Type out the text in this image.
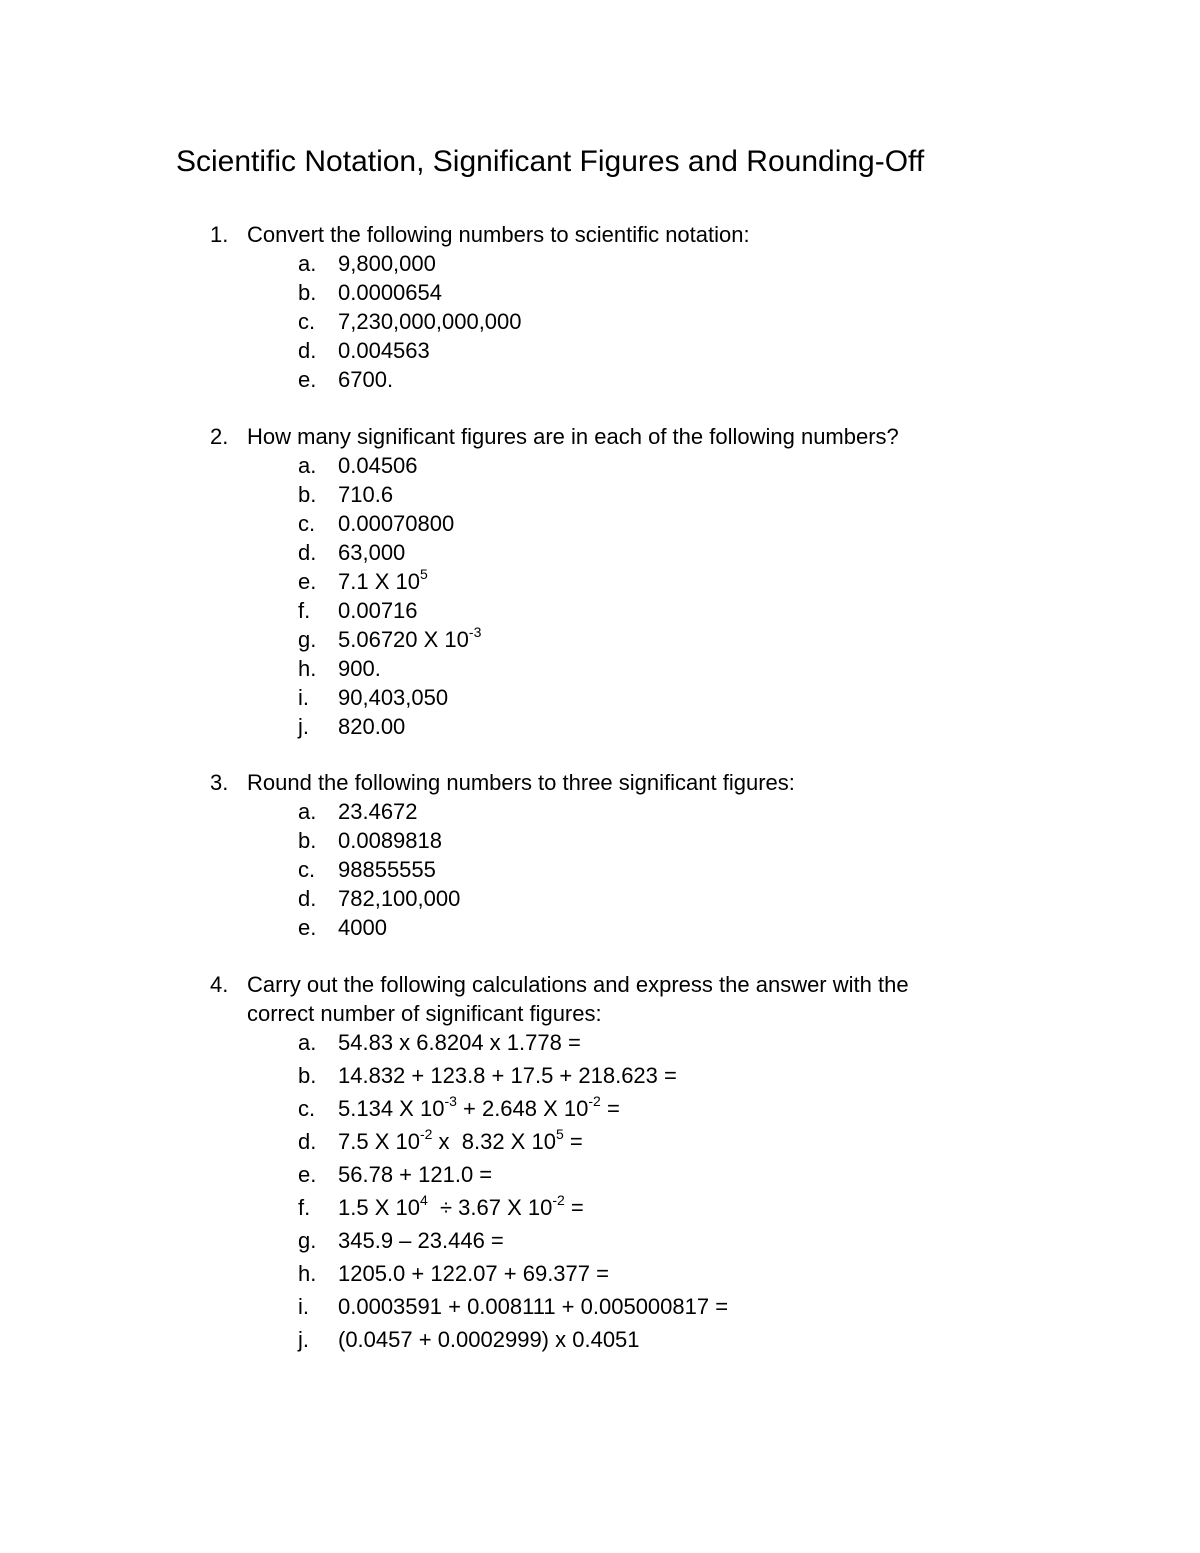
Scientific Notation, Significant Figures and Rounding-Off
1. Convert the following numbers to scientific notation:
a. 9,800,000
b. 0.0000654
c. 7,230,000,000,000
d. 0.004563
e. 6700.
2. How many significant figures are in each of the following numbers?
a. 0.04506
b. 710.6
c. 0.00070800
d. 63,000
e. 7.1 X $10^5$
f. 0.00716
g. 5.06720 X $10^{-3}$
h. 900.
i. 90,403,050
j. 820.00
3. Round the following numbers to three significant figures:
a. 23.4672
b. 0.0089818
c. 98855555
d. 782,100,000
e. 4000
4. Carry out the following calculations and express the answer with the
correct number of significant figures:
a. 54.83 x 6.8204 x 1.778 =
b. 14.832 + 123.8 + 17.5 + 218.623 =
c. 5.134 X $10^{-3} + 2.648$ X $10^{-2}$ =
d. 7.5 X $10^{-2}$ x  8.32 X $10^5$ =
e. 56.78 + 121.0 =
f. 1.5 X $10^4 \div 3.67$ X $10^{-2}$ =
g. 345.9 – 23.446 =
h. 1205.0 + 122.07 + 69.377 =
i. 0.0003591 + 0.008111 + 0.005000817 =
j. (0.0457 + 0.0002999) x 0.4051
